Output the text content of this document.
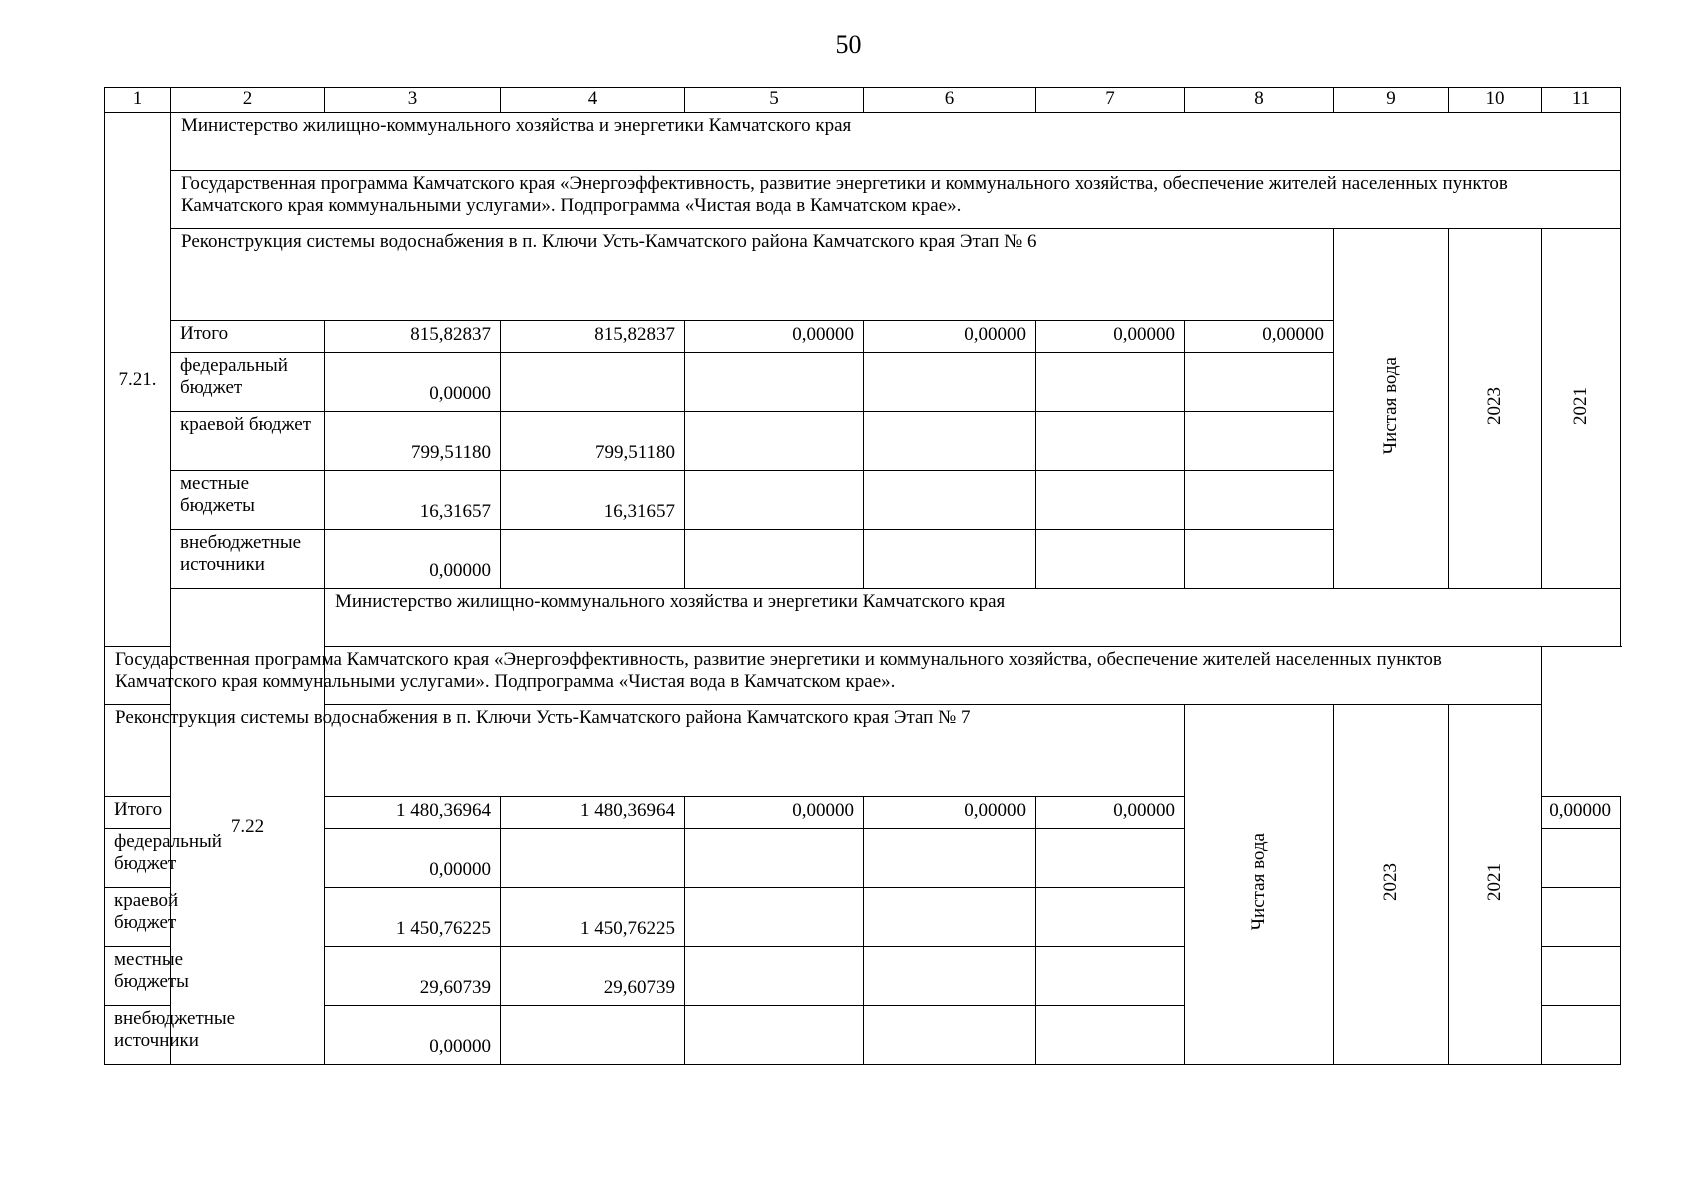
50
1	2	3	4	5	6	7	8	9	10	11
7.21.	Министерство жилищно-коммунального хозяйства и энергетики Камчатского края									
	Государственная программа Камчатского края «Энергоэффективность, развитие энергетики и коммунального хозяйства, обеспечение жителей населенных пунктов Камчатского края коммунальными услугами». Подпрограмма «Чистая вода в Камчатском крае».									
	Реконструкция системы водоснабжения в п. Ключи Усть-Камчатского района Камчатского края Этап № 6							Чистая вода	2023	2021
	Итого	815,82837	815,82837	0,00000	0,00000	0,00000	0,00000			
	федеральный бюджет	0,00000								
	краевой бюджет	799,51180	799,51180							
	местные бюджеты	16,31657	16,31657							
	внебюджетные источники	0,00000								
	7.22	Министерство жилищно-коммунального хозяйства и энергетики Камчатского края								
Государственная программа Камчатского края «Энергоэффективность, развитие энергетики и коммунального хозяйства, обеспечение жителей населенных пунктов Камчатского края коммунальными услугами». Подпрограмма «Чистая вода в Камчатском крае».										
Реконструкция системы водоснабжения в п. Ключи Усть-Камчатского района Камчатского края Этап № 7							Чистая вода	2023	2021	
Итого		1 480,36964	1 480,36964	0,00000	0,00000	0,00000				0,00000
федеральный бюджет		0,00000								
краевой бюджет		1 450,76225	1 450,76225							
местные бюджеты		29,60739	29,60739							
внебюджетные источники		0,00000								
